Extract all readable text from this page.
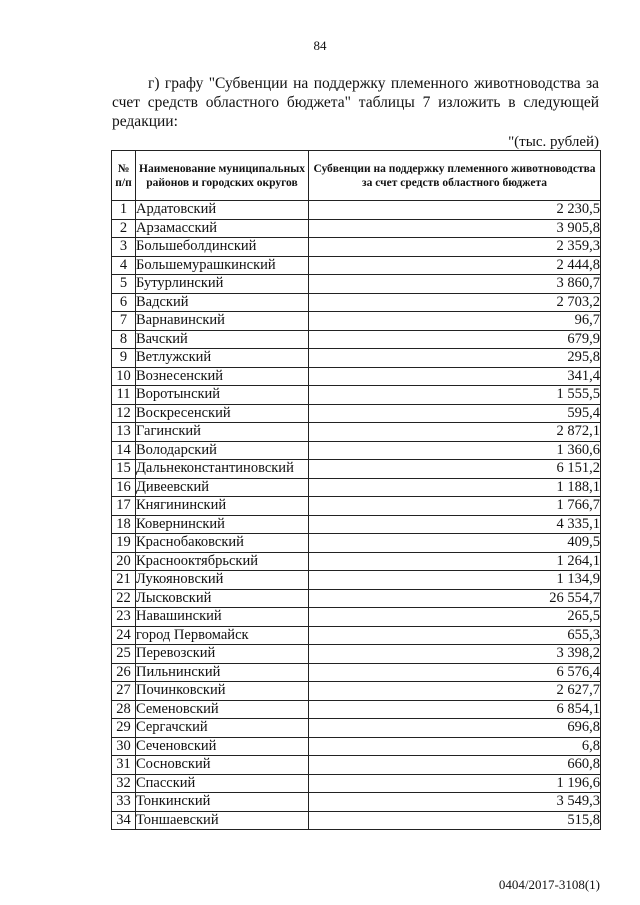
84
г) графу "Субвенции на поддержку племенного животноводства за счет средств областного бюджета" таблицы 7 изложить в следующей редакции:
"(тыс. рублей)
№ п/п	Наименование муниципальных районов и городских округов	Субвенции на поддержку племенного животноводства за счет средств областного бюджета
1	Ардатовский	2 230,5
2	Арзамасский	3 905,8
3	Большеболдинский	2 359,3
4	Большемурашкинский	2 444,8
5	Бутурлинский	3 860,7
6	Вадский	2 703,2
7	Варнавинский	96,7
8	Вачский	679,9
9	Ветлужский	295,8
10	Вознесенский	341,4
11	Воротынский	1 555,5
12	Воскресенский	595,4
13	Гагинский	2 872,1
14	Володарский	1 360,6
15	Дальнеконстантиновский	6 151,2
16	Дивеевский	1 188,1
17	Княгининский	1 766,7
18	Ковернинский	4 335,1
19	Краснобаковский	409,5
20	Краснооктябрьский	1 264,1
21	Лукояновский	1 134,9
22	Лысковский	26 554,7
23	Навашинский	265,5
24	город Первомайск	655,3
25	Перевозский	3 398,2
26	Пильнинский	6 576,4
27	Починковский	2 627,7
28	Семеновский	6 854,1
29	Сергачский	696,8
30	Сеченовский	6,8
31	Сосновский	660,8
32	Спасский	1 196,6
33	Тонкинский	3 549,3
34	Тоншаевский	515,8
0404/2017-3108(1)
